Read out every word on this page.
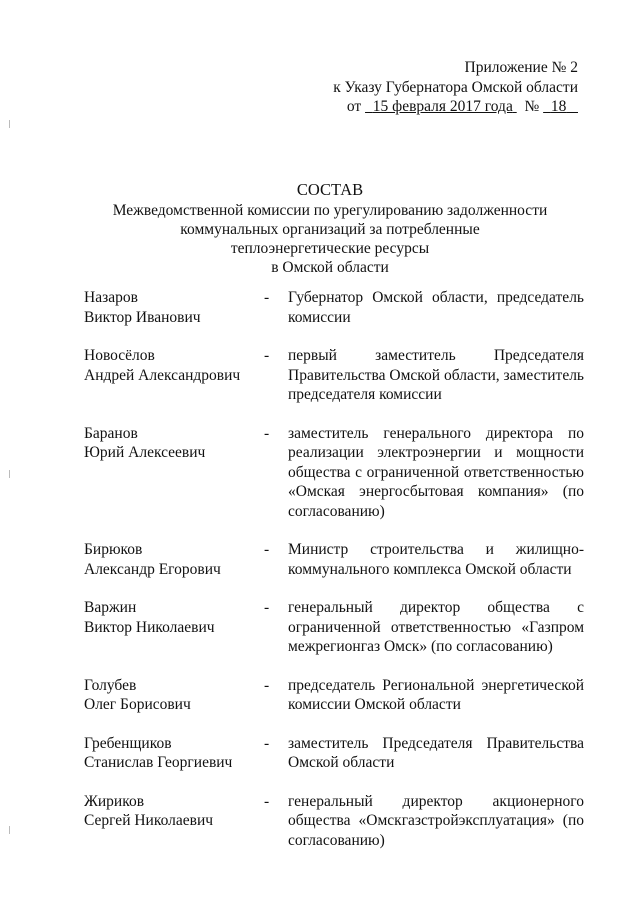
Приложение № 2
к Указу Губернатора Омской области
от 15 февраля 2017 года № 18
СОСТАВ
Межведомственной комиссии по урегулированию задолженности
коммунальных организаций за потребленные
теплоэнергетические ресурсы
в Омской области
Назаров
Виктор Иванович
- Губернатор Омской области, председатель комиссии
Новосёлов
Андрей Александрович
- первый заместитель Председателя Правительства Омской области, заместитель председателя комиссии
Баранов
Юрий Алексеевич
- заместитель генерального директора по реализации электроэнергии и мощности общества с ограниченной ответственностью «Омская энергосбытовая компания» (по согласованию)
Бирюков
Александр Егорович
- Министр строительства и жилищно-коммунального комплекса Омской области
Варжин
Виктор Николаевич
- генеральный директор общества с ограниченной ответственностью «Газпром межрегионгаз Омск» (по согласованию)
Голубев
Олег Борисович
- председатель Региональной энергетической комиссии Омской области
Гребенщиков
Станислав Георгиевич
- заместитель Председателя Правительства Омской области
Жириков
Сергей Николаевич
- генеральный директор акционерного общества «Омскгазстройэксплуатация» (по согласованию)
